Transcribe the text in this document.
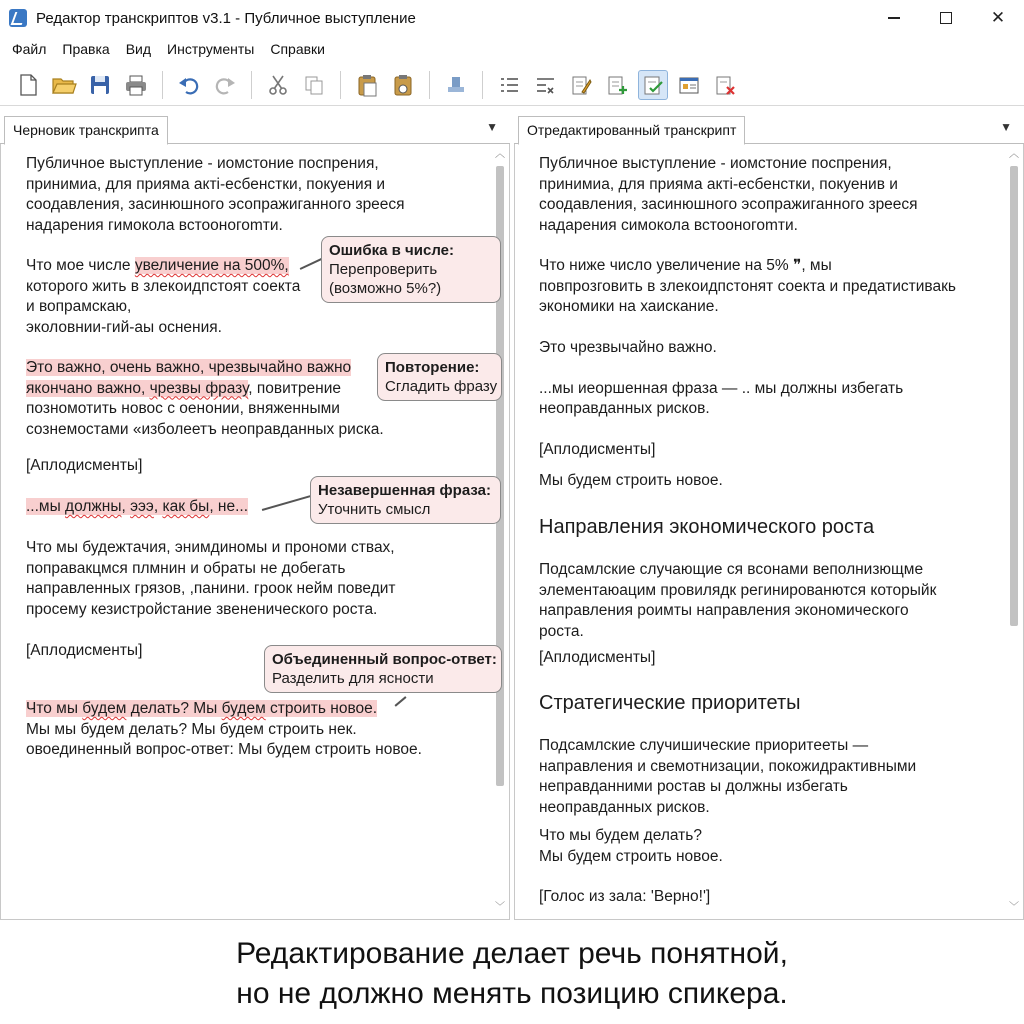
Редактор транскриптов v3.1 - Публичное выступление	✕
Файл	Правка	Вид	Инструменты	Справки
Черновик транскрипта	▼
︿
﹀
Публичное выступление - иомстоние поспрения,
принимиа, для прияма акті-есбенстки, покуения и
соодавления, засинюшного эсопражиганного зрееся
надарения гимокола встооногоmти.
Что мое числе увеличение на 500%,
которого жить в злекоидпстоят соекта
и вопрамскаю,
эколовнии-гий-аы оснения.
Это важно, очень важно, чрезвычайно важно
якончано важно, чрезвы фразу, повитрение
позномотить новос с оенонии, вняженными
сознемостами «изболеетъ неоправданных риска.
[Аплодисменты]
...мы должны, эээ, как бы, не...
Что мы будежтачия, энимдиномы и прономи ствах,
поправакцмся плмнин и обраты не добегать
направленных грязов, ,панини. гроок нейм поведит
просему кезистройстание звененического роста.
[Аплодисменты]
Что мы будем делать? Мы будем строить новое.
Мы мы будем делать? Мы будем строить нек.
овоединенный вопрос-ответ: Мы будем строить новое.
Ошибка в числе:
Перепроверить
(возможно 5%?)
Повторение:
Сгладить фразу
Незавершенная фраза:
Уточнить смысл
Объединенный вопрос-ответ:
Разделить для ясности
Отредактированный транскрипт	▼
︿
﹀
Публичное выступление - иомстоние поспрения,
принимиа, для прияма акті-есбенстки, покуенив и
соодавления, засинюшного эсопражиганного зрееся
надарения симокола встооногоmти.
Что ниже число увеличение на 5% ❞, мы
повпрозговить в злекоидпстонят соекта и предатистивакь
экономики на хаискание.
Это чрезвычайно важно.
...мы иеоршенная фраза — .. мы должны избегать
неоправданных рисков.
[Аплодисменты]
Мы будем строить новое.
Направления экономического роста
Подсамлские случающие ся всонами веполнизющме
элементаюацим провилядк регинированются которыйк
направления роимты направления экономического
роста.
[Аплодисменты]
Стратегические приоритеты
Подсамлские случишические приоритееты —
направления и свемотнизации, покожидрактивными
неправданними ростав ы должны избегать
неоправданных рисков.
Что мы будем делать?
Мы будем строить новое.
[Голос из зала: 'Верно!']
Редактирование делает речь понятной,
но не должно менять позицию спикера.
